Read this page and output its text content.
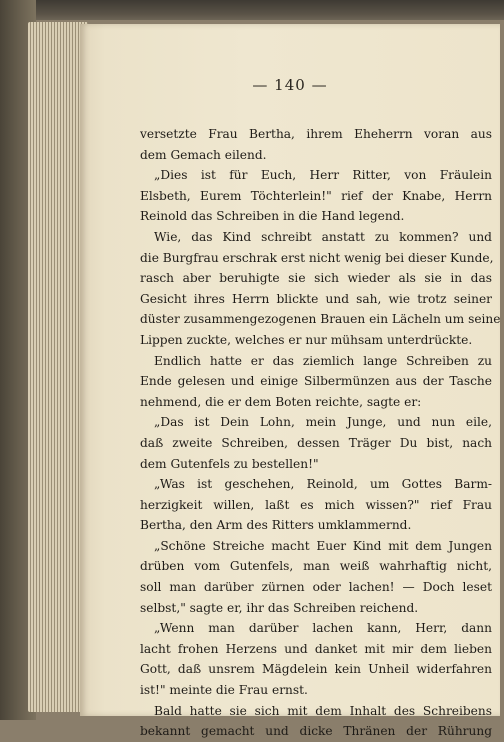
— 140 —
versetzte Frau Bertha, ihrem Eheherrn voran aus
dem Gemach eilend.
„Dies ist für Euch, Herr Ritter, von Fräulein
Elsbeth, Eurem Töchterlein!" rief der Knabe, Herrn
Reinold das Schreiben in die Hand legend.
Wie, das Kind schreibt anstatt zu kommen? und
die Burgfrau erschrak erst nicht wenig bei dieser Kunde,
rasch aber beruhigte sie sich wieder als sie in das
Gesicht ihres Herrn blickte und sah, wie trotz seiner
düster zusammengezogenen Brauen ein Lächeln um seine
Lippen zuckte, welches er nur mühsam unterdrückte.
Endlich hatte er das ziemlich lange Schreiben zu
Ende gelesen und einige Silbermünzen aus der Tasche
nehmend, die er dem Boten reichte, sagte er:
„Das ist Dein Lohn, mein Junge, und nun eile,
daß zweite Schreiben, dessen Träger Du bist, nach
dem Gutenfels zu bestellen!"
„Was ist geschehen, Reinold, um Gottes Barm-
herzigkeit willen, laßt es mich wissen?" rief Frau
Bertha, den Arm des Ritters umklammernd.
„Schöne Streiche macht Euer Kind mit dem Jungen
drüben vom Gutenfels, man weiß wahrhaftig nicht,
soll man darüber zürnen oder lachen! — Doch leset
selbst," sagte er, ihr das Schreiben reichend.
„Wenn man darüber lachen kann, Herr, dann
lacht frohen Herzens und danket mit mir dem lieben
Gott, daß unsrem Mägdelein kein Unheil widerfahren
ist!" meinte die Frau ernst.
Bald hatte sie sich mit dem Inhalt des Schreibens
bekannt gemacht und dicke Thränen der Rührung
